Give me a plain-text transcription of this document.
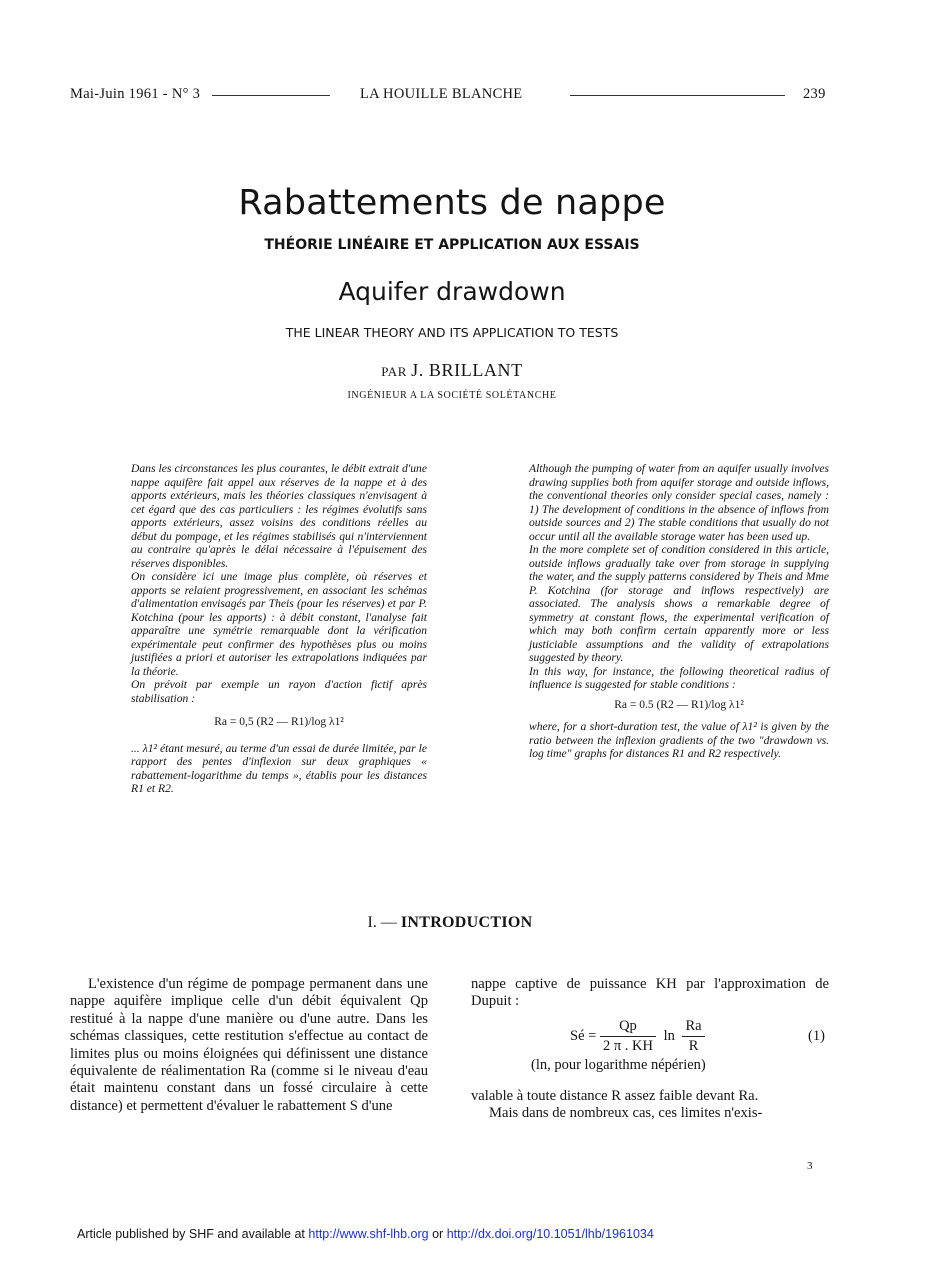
Mai-Juin 1961 - N° 3	LA HOUILLE BLANCHE	239
Rabattements de nappe
THÉORIE LINÉAIRE ET APPLICATION AUX ESSAIS
Aquifer drawdown
THE LINEAR THEORY AND ITS APPLICATION TO TESTS
PAR J. BRILLANT
INGÉNIEUR A LA SOCIÉTÉ SOLÉTANCHE

Dans les circonstances les plus courantes, le débit extrait d'une nappe aquifère fait appel aux réserves de la nappe et à des apports extérieurs, mais les théories classiques n'envisagent à cet égard que des cas particuliers : les régimes évolutifs sans apports extérieurs, assez voisins des conditions réelles au début du pompage, et les régimes stabilisés qui n'interviennent au contraire qu'après le délai nécessaire à l'épuisement des réserves disponibles.

On considère ici une image plus complète, où réserves et apports se relaient progressivement, en associant les schémas d'alimentation envisagés par Theis (pour les réserves) et par P. Kotchina (pour les apports) : à débit constant, l'analyse fait apparaître une symétrie remarquable dont la vérification expérimentale peut confirmer des hypothèses plus ou moins justifiées a priori et autoriser les extrapolations indiquées par la théorie.

On prévoit par exemple un rayon d'action fictif après stabilisation :

Ra = 0,5 (R2 — R1)/log λ1²

... λ1² étant mesuré, au terme d'un essai de durée limitée, par le rapport des pentes d'inflexion sur deux graphiques « rabattement-logarithme du temps », établis pour les distances R1 et R2.

Although the pumping of water from an aquifer usually involves drawing supplies both from aquifer storage and outside inflows, the conventional theories only consider special cases, namely : 1) The development of conditions in the absence of inflows from outside sources and 2) The stable conditions that usually do not occur until all the available storage water has been used up.

In the more complete set of condition considered in this article, outside inflows gradually take over from storage in supplying the water, and the supply patterns considered by Theis and Mme P. Kotchina (for storage and inflows respectively) are associated. The analysis shows a remarkable degree of symmetry at constant flows, the experimental verification of which may both confirm certain apparently more or less justiciable assumptions and the validity of extrapolations suggested by theory.

In this way, for instance, the following theoretical radius of influence is suggested for stable conditions :

Ra = 0.5 (R2 — R1)/log λ1²

where, for a short-duration test, the value of λ1² is given by the ratio between the inflexion gradients of the two "drawdown vs. log time" graphs for distances R1 and R2 respectively.

I. — INTRODUCTION

L'existence d'un régime de pompage permanent dans une nappe aquifère implique celle d'un débit équivalent Qp restitué à la nappe d'une manière ou d'une autre. Dans les schémas classiques, cette restitution s'effectue au contact de limites plus ou moins éloignées qui définissent une distance équivalente de réalimentation Ra (comme si le niveau d'eau était maintenu constant dans un fossé circulaire à cette distance) et permettent d'évaluer le rabattement S d'une

nappe captive de puissance KH par l'approximation de Dupuit :

Sé = $\frac{Qp}{2 \pi . KH}$ $\ln \frac{Ra}{R}$	(1)
(ln, pour logarithme népérien)

valable à toute distance R assez faible devant Ra.

Mais dans de nombreux cas, ces limites n'exis-

3
Article published by SHF and available at http://www.shf-lhb.org or http://dx.doi.org/10.1051/lhb/1961034
